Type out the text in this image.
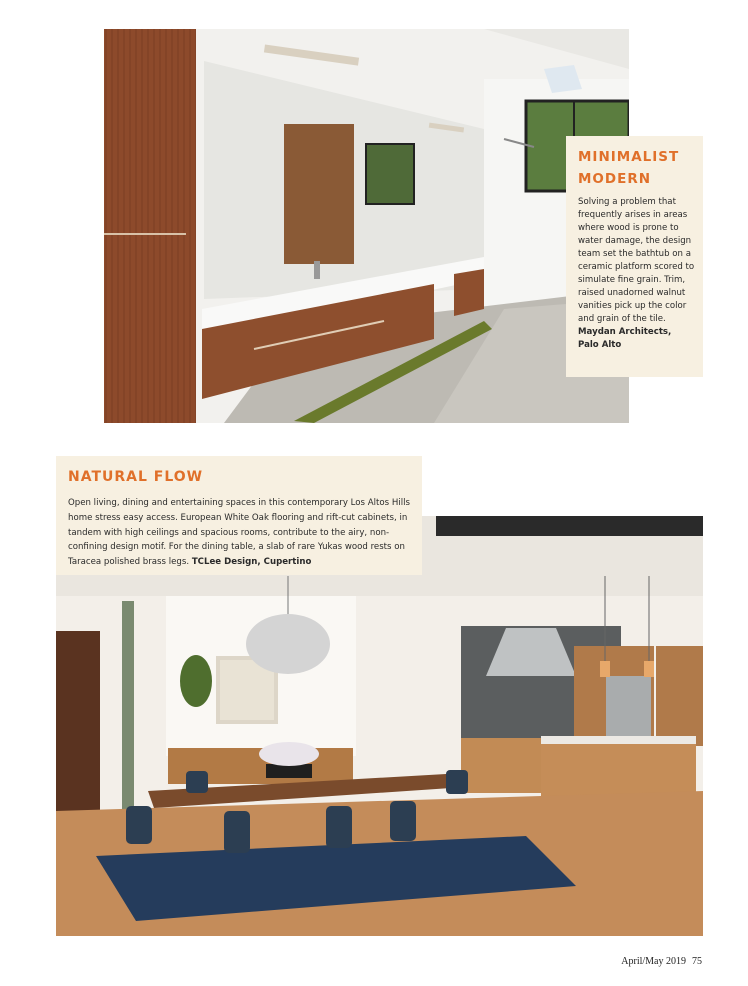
MINIMALIST MODERN

Solving a problem that frequently arises in areas where wood is prone to water damage, the design team set the bathtub on a ceramic platform scored to simulate fine grain. Trim, raised unadorned walnut vanities pick up the color and grain of the tile. Maydan Architects, Palo Alto

NATURAL FLOW

Open living, dining and entertaining spaces in this contemporary Los Altos Hills home stress easy access. European White Oak flooring and rift-cut cabinets, in tandem with high ceilings and spacious rooms, contribute to the airy, non-confining design motif. For the dining table, a slab of rare Yukas wood rests on Taracea polished brass legs. TCLee Design, Cupertino

April/May 2019 75
